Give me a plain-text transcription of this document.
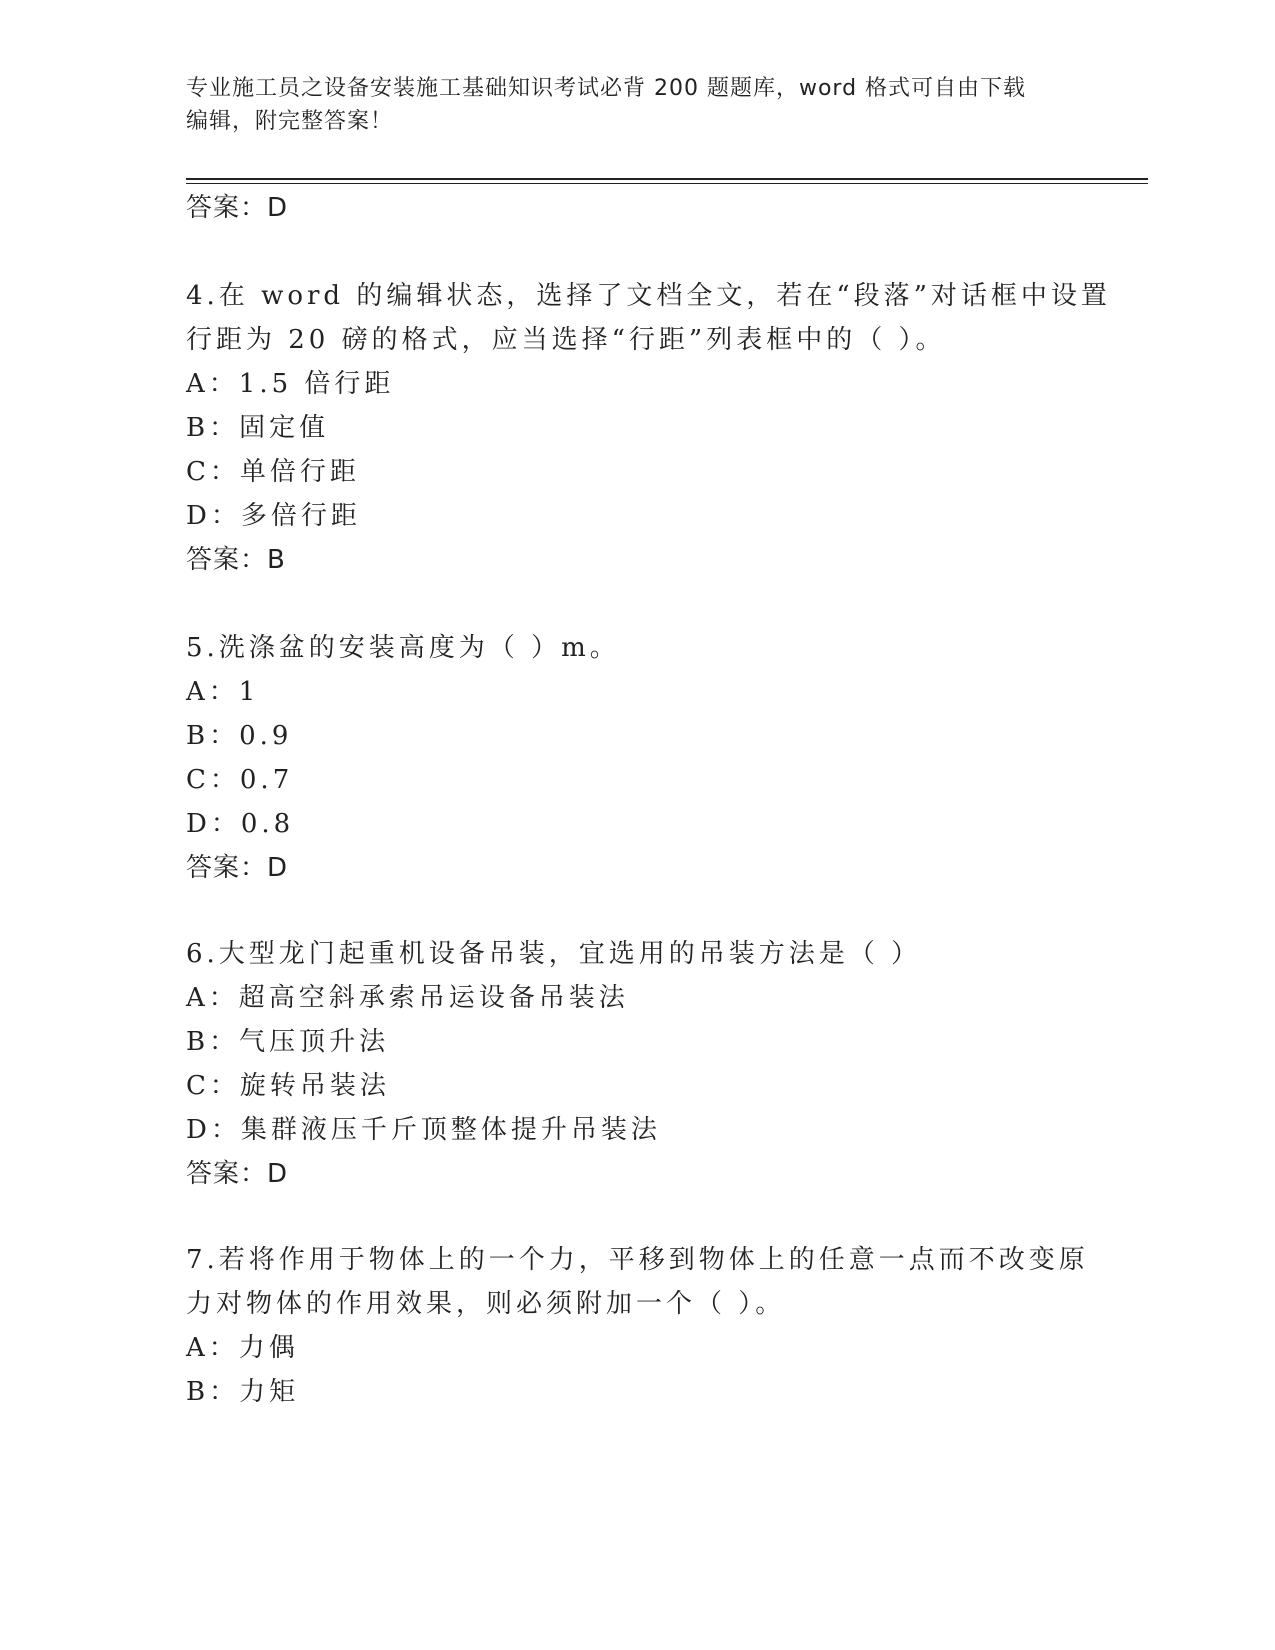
专业施工员之设备安装施工基础知识考试必背 200 题题库，word 格式可自由下载
编辑，附完整答案！
答案：D
4.在 word 的编辑状态，选择了文档全文，若在“段落”对话框中设置
行距为 20 磅的格式，应当选择“行距”列表框中的（ ）。
A：1.5 倍行距
B：固定值
C：单倍行距
D：多倍行距
答案：B
5.洗涤盆的安装高度为（ ）m。
A：1
B：0.9
C：0.7
D：0.8
答案：D
6.大型龙门起重机设备吊装，宜选用的吊装方法是（ ）
A：超高空斜承索吊运设备吊装法
B：气压顶升法
C：旋转吊装法
D：集群液压千斤顶整体提升吊装法
答案：D
7.若将作用于物体上的一个力，平移到物体上的任意一点而不改变原
力对物体的作用效果，则必须附加一个（ ）。
A：力偶
B：力矩
